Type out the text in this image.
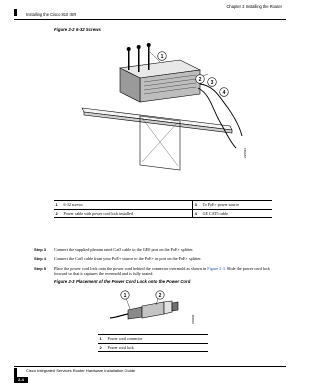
Chapter 3 Installing the Router
Installing the Cisco 810 ISR
Figure 2-26-32 Screws
1
2 3
4
230693
1	6-32 screws	3	To PoE+ power source
2	Power cable with power cord lock installed	4	GE CAT5 cable
Step 3	Connect the supplied plenum rated Cat5 cable to the GE0 port on the PoE+ splitter.
Step 4	Connect the Cat5 cable from your PoE+ source to the PoE+ in port on the PoE+ splitter.
Step 5	Place the power cord lock onto the power cord behind the connector overmold as shown in Figure 2-3. Slide the power cord lock forward so that it captures the overmold and is fully seated.
Figure 2-3Placement of the Power Cord Lock onto the Power Cord
1	2
230694
1	Power cord connector
2	Power cord lock
Cisco Integrated Services Router Hardware Installation Guide
2-4
